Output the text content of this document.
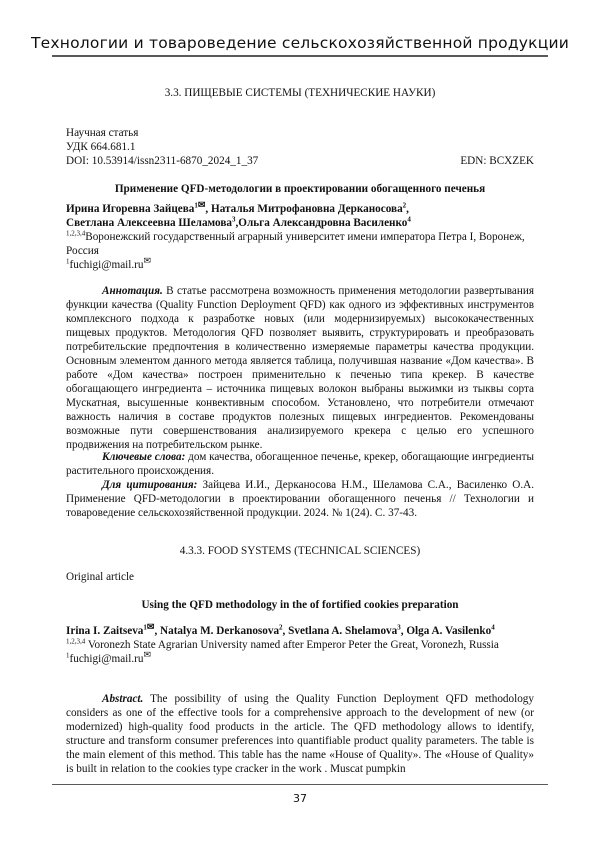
Технологии и товароведение сельскохозяйственной продукции
3.3. ПИЩЕВЫЕ СИСТЕМЫ (ТЕХНИЧЕСКИЕ НАУКИ)
Научная статья
УДК 664.681.1
DOI: 10.53914/issn2311-6870_2024_1_37	EDN: BCXZEK
Применение QFD-методологии в проектировании обогащенного печенья
Ирина Игоревна Зайцева$^{1✉}$, Наталья Митрофановна Дерканосова$^2$,
Светлана Алексеевна Шеламова$^3$,Ольга Александровна Василенко$^4$
$^{1,2,3,4}$Воронежский государственный аграрный университет имени императора Петра I, Воронеж, Россия
$^1$fuchigi@mail.ru✉
Аннотация. В статье рассмотрена возможность применения методологии развертывания функции качества (Quality Function Deployment QFD) как одного из эффективных инструментов комплексного подхода к разработке новых (или модернизируемых) высококачественных пищевых продуктов. Методология QFD позволяет выявить, структурировать и преобразовать потребительские предпочтения в количественно измеряемые параметры качества продукции. Основным элементом данного метода является таблица, получившая название «Дом качества». В работе «Дом качества» построен применительно к печенью типа крекер. В качестве обогащающего ингредиента – источника пищевых волокон выбраны выжимки из тыквы сорта Мускатная, высушенные конвективным способом. Установлено, что потребители отмечают важность наличия в составе продуктов полезных пищевых ингредиентов. Рекомендованы возможные пути совершенствования анализируемого крекера с целью его успешного продвижения на потребительском рынке.
Ключевые слова: дом качества, обогащенное печенье, крекер, обогащающие ингредиенты растительного происхождения.
Для цитирования: Зайцева И.И., Дерканосова Н.М., Шеламова С.А., Василенко О.А. Применение QFD-методологии в проектировании обогащенного печенья // Технологии и товароведение сельскохозяйственной продукции. 2024. № 1(24). С. 37-43.
4.3.3. FOOD SYSTEMS (TECHNICAL SCIENCES)
Original article
Using the QFD methodology in the of fortified cookies preparation
Irina I. Zaitseva$^{1✉}$, Natalya M. Derkanosova$^2$, Svetlana A. Shelamova$^3$, Olga A. Vasilenko$^4$
$^{1,2,3,4}$ Voronezh State Agrarian University named after Emperor Peter the Great, Voronezh, Russia
$^1$fuchigi@mail.ru✉
Abstract. The possibility of using the Quality Function Deployment QFD methodology considers as one of the effective tools for a comprehensive approach to the development of new (or modernized) high-quality food products in the article. The QFD methodology allows to identify, structure and transform consumer preferences into quantifiable product quality parameters. The table is the main element of this method. This table has the name «House of Quality». The «House of Quality» is built in relation to the cookies type cracker in the work . Muscat pumpkin
37
